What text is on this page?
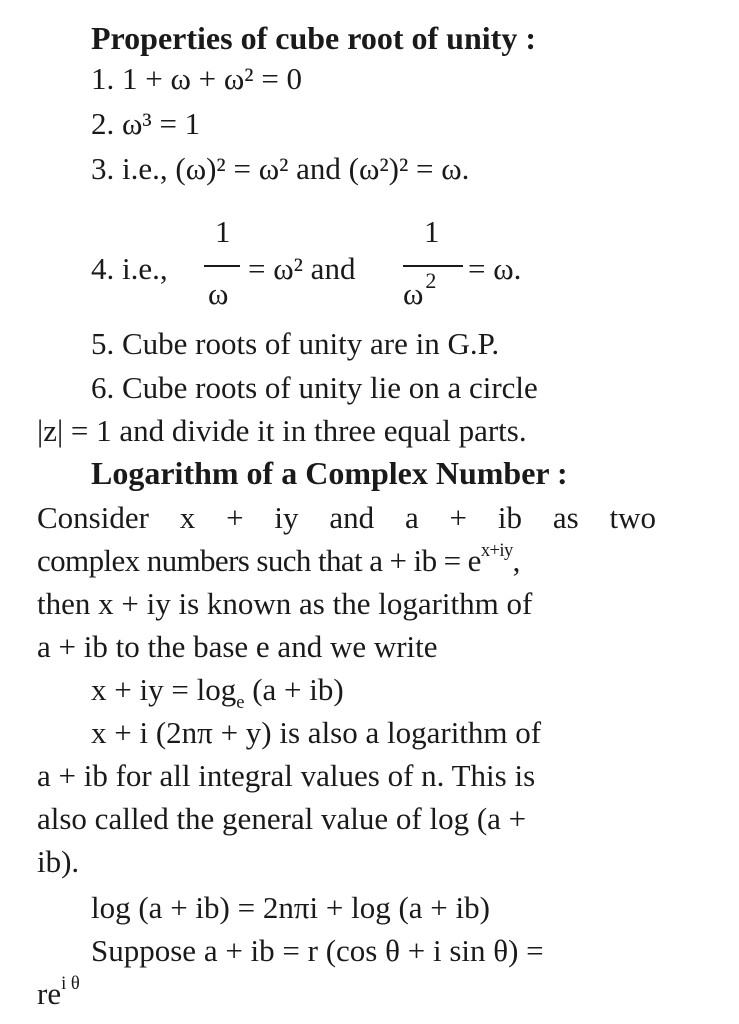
Properties of cube root of unity :
1. 1 + ω + ω² = 0
2. ω³ = 1
3. i.e., (ω)² = ω² and (ω²)² = ω.
4. i.e.,
1
ω
= ω² and
1
$\omega^2 = \omega$.
5. Cube roots of unity are in G.P.
6. Cube roots of unity lie on a circle
|z| = 1 and divide it in three equal parts.
Logarithm of a Complex Number :
Consider x + iy and a + ib as two
complex numbers such that a + ib = $e^{x+iy}$,
then x + iy is known as the logarithm of
a + ib to the base e and we write
x + iy = $\log_e (a + ib)$
x + i (2nπ + y) is also a logarithm of
a + ib for all integral values of n. This is
also called the general value of log (a +
ib).
log (a + ib) = 2nπi + log (a + ib)
Suppose a + ib = r (cos θ + i sin θ) =
$re^{i \theta}$
